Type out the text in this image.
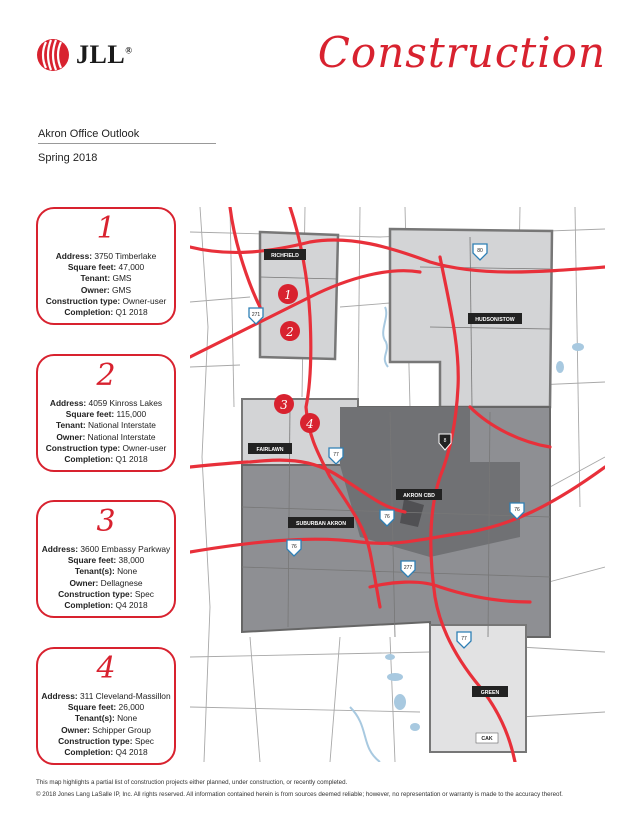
JLL®	Construction
Akron Office Outlook
Spring 2018
1
Address: 3750 Timberlake
Square feet: 47,000
Tenant: GMS
Owner: GMS
Construction type: Owner-user
Completion: Q1 2018
2
Address: 4059 Kinross Lakes
Square feet: 115,000
Tenant: National Interstate
Owner: National Interstate
Construction type: Owner-user
Completion: Q1 2018
3
Address: 3600 Embassy Parkway
Square feet: 38,000
Tenant(s): None
Owner: Dellagnese
Construction type: Spec
Completion: Q4 2018
4
Address: 311 Cleveland-Massillon
Square feet: 26,000
Tenant(s): None
Owner: Schipper Group
Construction type: Spec
Completion: Q4 2018
271
80
77
8
76
76
76
277
77
RICHFIELD
HUDSON/STOW
FAIRLAWN
AKRON CBD
SUBURBAN AKRON
GREEN
CAK
1
2
3
4
This map highlights a partial list of construction projects either planned, under construction, or recently completed.
© 2018 Jones Lang LaSalle IP, Inc. All rights reserved. All information contained herein is from sources deemed reliable; however, no representation or warranty is made to the accuracy thereof.
